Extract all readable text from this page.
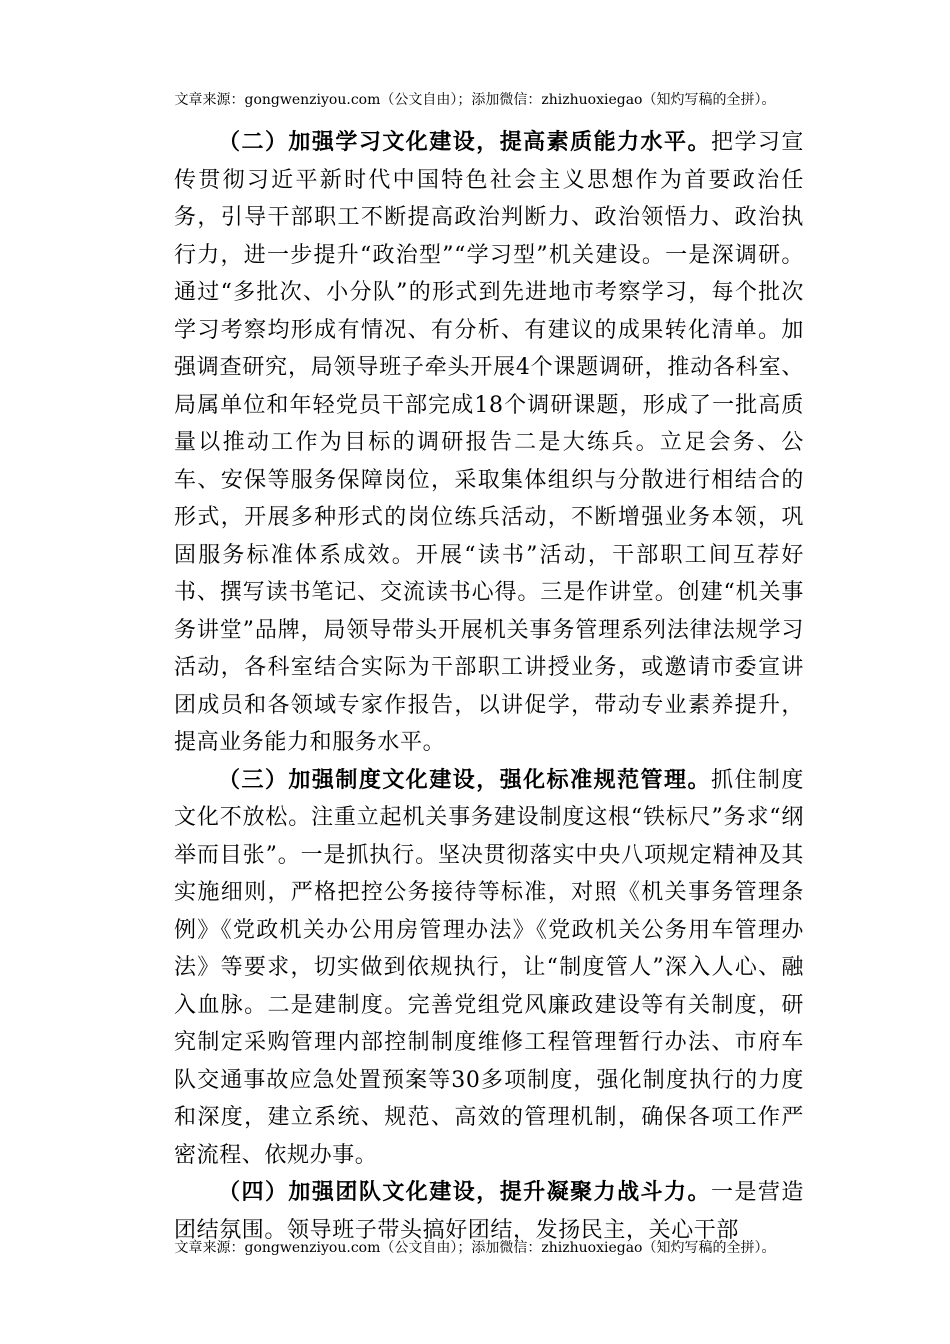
文章来源：gongwenziyou.com（公文自由）；添加微信：zhizhuoxiegao（知灼写稿的全拼）。

（二）加强学习文化建设，提高素质能力水平。把学习宣传贯彻习近平新时代中国特色社会主义思想作为首要政治任务，引导干部职工不断提高政治判断力、政治领悟力、政治执行力，进一步提升“政治型”“学习型”机关建设。一是深调研。通过“多批次、小分队”的形式到先进地市考察学习，每个批次学习考察均形成有情况、有分析、有建议的成果转化清单。加强调查研究，局领导班子牵头开展4个课题调研，推动各科室、局属单位和年轻党员干部完成18个调研课题，形成了一批高质量以推动工作为目标的调研报告二是大练兵。立足会务、公车、安保等服务保障岗位，采取集体组织与分散进行相结合的形式，开展多种形式的岗位练兵活动，不断增强业务本领，巩固服务标准体系成效。开展“读书”活动，干部职工间互荐好书、撰写读书笔记、交流读书心得。三是作讲堂。创建“机关事务讲堂”品牌，局领导带头开展机关事务管理系列法律法规学习活动，各科室结合实际为干部职工讲授业务，或邀请市委宣讲团成员和各领域专家作报告，以讲促学，带动专业素养提升，提高业务能力和服务水平。

（三）加强制度文化建设，强化标准规范管理。抓住制度文化不放松。注重立起机关事务建设制度这根“铁标尺”务求“纲举而目张”。一是抓执行。坚决贯彻落实中央八项规定精神及其实施细则，严格把控公务接待等标准，对照《机关事务管理条例》《党政机关办公用房管理办法》《党政机关公务用车管理办法》等要求，切实做到依规执行，让“制度管人”深入人心、融入血脉。二是建制度。完善党组党风廉政建设等有关制度，研究制定采购管理内部控制制度维修工程管理暂行办法、市府车队交通事故应急处置预案等30多项制度，强化制度执行的力度和深度，建立系统、规范、高效的管理机制，确保各项工作严密流程、依规办事。

（四）加强团队文化建设，提升凝聚力战斗力。一是营造团结氛围。领导班子带头搞好团结，发扬民主，关心干部

文章来源：gongwenziyou.com（公文自由）；添加微信：zhizhuoxiegao（知灼写稿的全拼）。
